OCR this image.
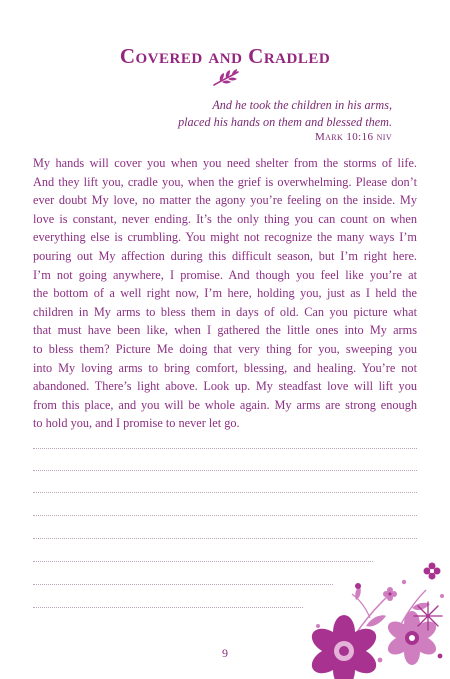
Covered and Cradled
And he took the children in his arms,
placed his hands on them and blessed them.
Mark 10:16 niv
My hands will cover you when you need shelter from the storms of life.
And they lift you, cradle you, when the grief is overwhelming. Please don’t
ever doubt My love, no matter the agony you’re feeling on the inside. My
love is constant, never ending. It’s the only thing you can count on when
everything else is crumbling. You might not recognize the many ways I’m
pouring out My affection during this difficult season, but I’m right here.
I’m not going anywhere, I promise. And though you feel like you’re at
the bottom of a well right now, I’m here, holding you, just as I held the
children in My arms to bless them in days of old. Can you picture what
that must have been like, when I gathered the little ones into My arms
to bless them? Picture Me doing that very thing for you, sweeping you
into My loving arms to bring comfort, blessing, and healing. You’re not
abandoned. There’s light above. Look up. My steadfast love will lift you
from this place, and you will be whole again. My arms are strong enough
to hold you, and I promise to never let go.
9
